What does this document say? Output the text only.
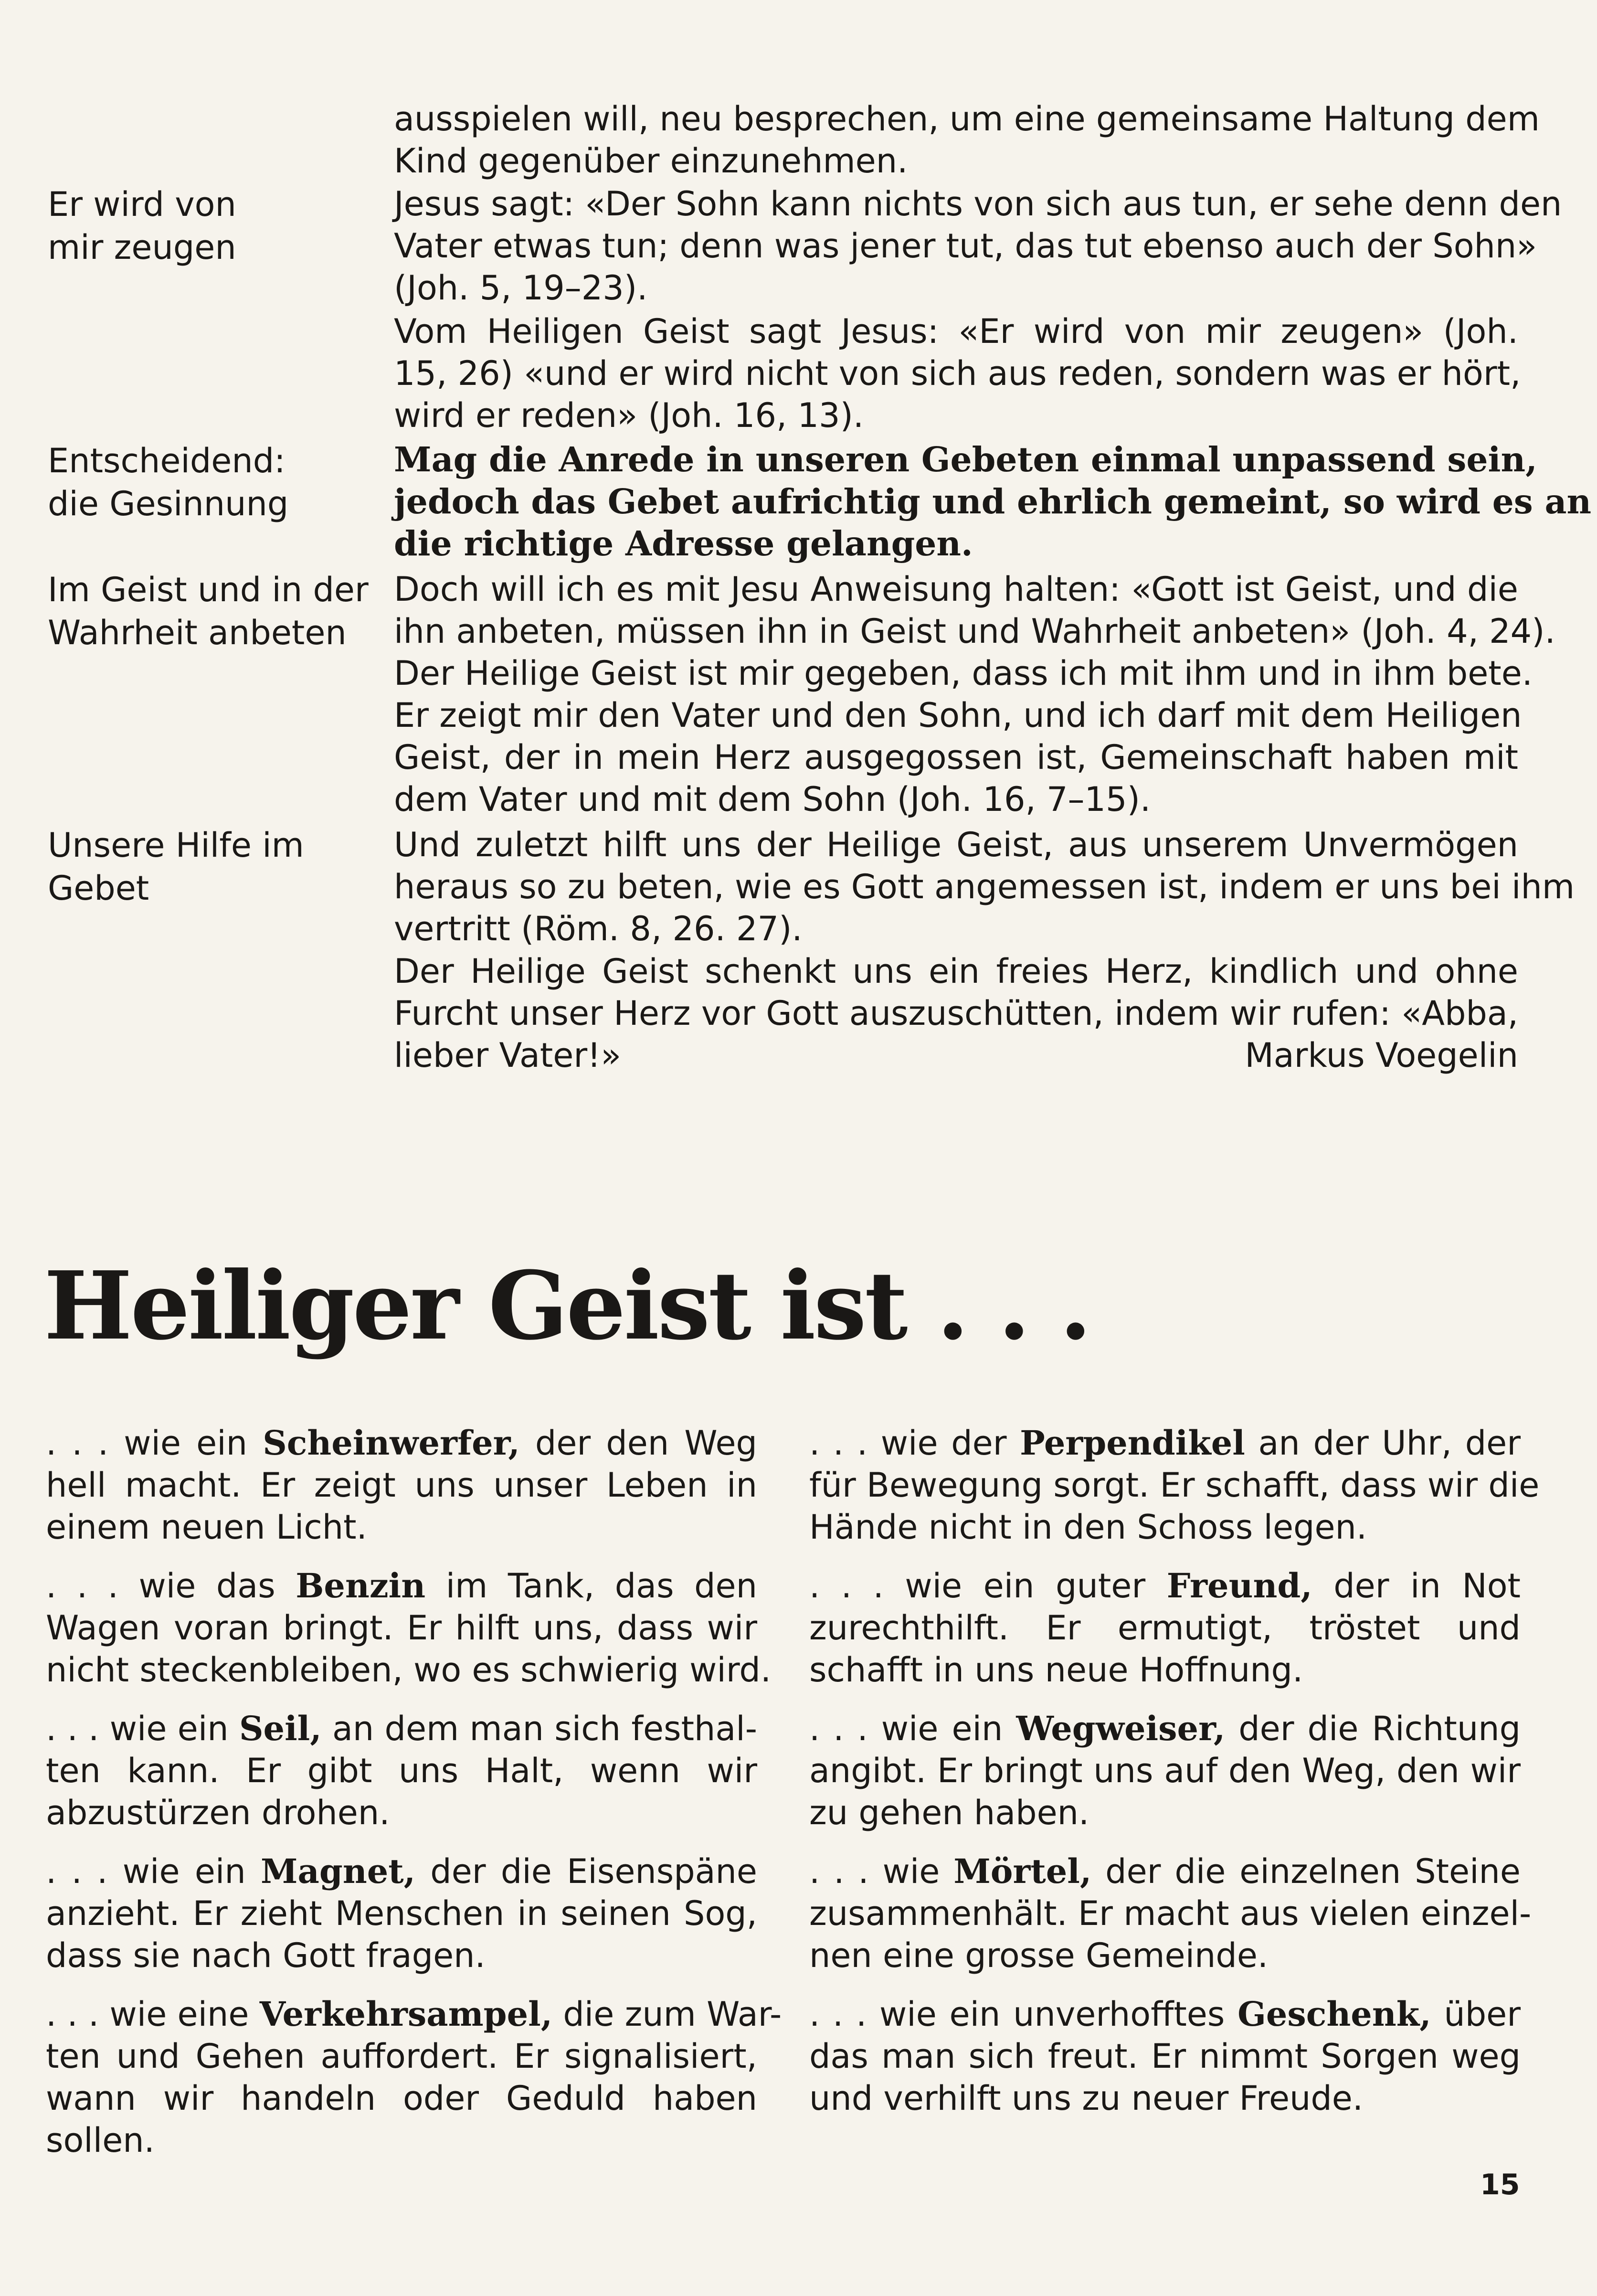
ausspielen will, neu besprechen, um eine gemeinsame Haltung dem
Kind gegenüber einzunehmen.
Er wird von
mir zeugen
Jesus sagt: «Der Sohn kann nichts von sich aus tun, er sehe denn den
Vater etwas tun; denn was jener tut, das tut ebenso auch der Sohn»
(Joh. 5, 19–23).
Vom Heiligen Geist sagt Jesus: «Er wird von mir zeugen» (Joh.
15, 26) «und er wird nicht von sich aus reden, sondern was er hört,
wird er reden» (Joh. 16, 13).
Entscheidend:
die Gesinnung
Mag die Anrede in unseren Gebeten einmal unpassend sein,
jedoch das Gebet aufrichtig und ehrlich gemeint, so wird es an
die richtige Adresse gelangen.
Im Geist und in der
Wahrheit anbeten
Doch will ich es mit Jesu Anweisung halten: «Gott ist Geist, und die
ihn anbeten, müssen ihn in Geist und Wahrheit anbeten» (Joh. 4, 24).
Der Heilige Geist ist mir gegeben, dass ich mit ihm und in ihm bete.
Er zeigt mir den Vater und den Sohn, und ich darf mit dem Heiligen
Geist, der in mein Herz ausgegossen ist, Gemeinschaft haben mit
dem Vater und mit dem Sohn (Joh. 16, 7–15).
Unsere Hilfe im
Gebet
Und zuletzt hilft uns der Heilige Geist, aus unserem Unvermögen
heraus so zu beten, wie es Gott angemessen ist, indem er uns bei ihm
vertritt (Röm. 8, 26. 27).
Der Heilige Geist schenkt uns ein freies Herz, kindlich und ohne
Furcht unser Herz vor Gott auszuschütten, indem wir rufen: «Abba,
lieber Vater!»	Markus Voegelin
Heiliger Geist ist . . .
. . . wie ein Scheinwerfer, der den Weg
hell macht. Er zeigt uns unser Leben in
einem neuen Licht.
. . . wie das Benzin im Tank, das den
Wagen voran bringt. Er hilft uns, dass wir
nicht steckenbleiben, wo es schwierig wird.
. . . wie ein Seil, an dem man sich festhal-
ten kann. Er gibt uns Halt, wenn wir
abzustürzen drohen.
. . . wie ein Magnet, der die Eisenspäne
anzieht. Er zieht Menschen in seinen Sog,
dass sie nach Gott fragen.
. . . wie eine Verkehrsampel, die zum War-
ten und Gehen auffordert. Er signalisiert,
wann wir handeln oder Geduld haben
sollen.
. . . wie der Perpendikel an der Uhr, der
für Bewegung sorgt. Er schafft, dass wir die
Hände nicht in den Schoss legen.
. . . wie ein guter Freund, der in Not
zurechthilft. Er ermutigt, tröstet und
schafft in uns neue Hoffnung.
. . . wie ein Wegweiser, der die Richtung
angibt. Er bringt uns auf den Weg, den wir
zu gehen haben.
. . . wie Mörtel, der die einzelnen Steine
zusammenhält. Er macht aus vielen einzel-
nen eine grosse Gemeinde.
. . . wie ein unverhofftes Geschenk, über
das man sich freut. Er nimmt Sorgen weg
und verhilft uns zu neuer Freude.
15
